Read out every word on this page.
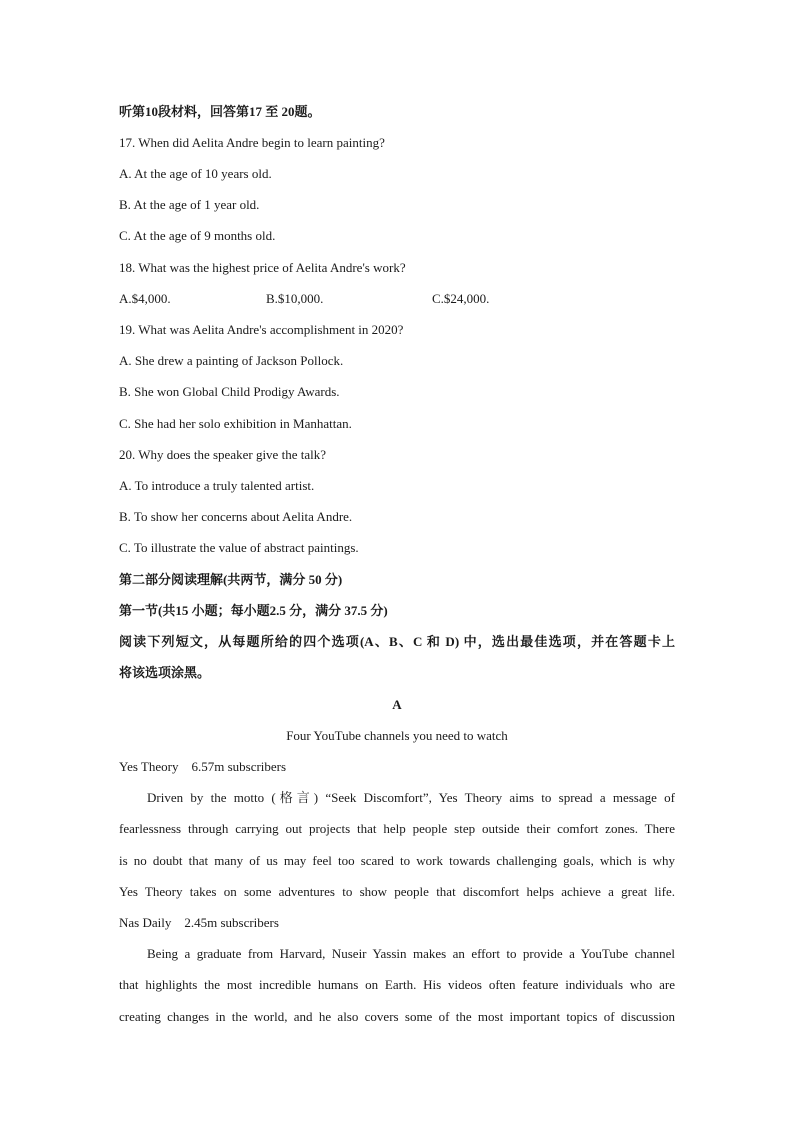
听第10段材料，回答第17 至 20题。
17. When did Aelita Andre begin to learn painting?
A. At the age of 10 years old.
B. At the age of 1 year old.
C. At the age of 9 months old.
18. What was the highest price of Aelita Andre's work?
A.$4,000.	B.$10,000.	C.$24,000.
19. What was Aelita Andre's accomplishment in 2020?
A. She drew a painting of Jackson Pollock.
B. She won Global Child Prodigy Awards.
C. She had her solo exhibition in Manhattan.
20. Why does the speaker give the talk?
A. To introduce a truly talented artist.
B. To show her concerns about Aelita Andre.
C. To illustrate the value of abstract paintings.
第二部分阅读理解(共两节，满分 50 分)
第一节(共15 小题；每小题2.5 分，满分 37.5 分)
阅读下列短文，从每题所给的四个选项(A、B、C 和 D) 中，选出最佳选项，并在答题卡上
将该选项涂黑。
A
Four YouTube channels you need to watch
Yes Theory    6.57m subscribers
Driven by the motto (格言) “Seek Discomfort”, Yes Theory aims to spread a message of
fearlessness through carrying out projects that help people step outside their comfort zones. There
is no doubt that many of us may feel too scared to work towards challenging goals, which is why
Yes Theory takes on some adventures to show people that discomfort helps achieve a great life.
Nas Daily    2.45m subscribers
Being a graduate from Harvard, Nuseir Yassin makes an effort to provide a YouTube channel
that highlights the most incredible humans on Earth. His videos often feature individuals who are
creating changes in the world, and he also covers some of the most important topics of discussion
